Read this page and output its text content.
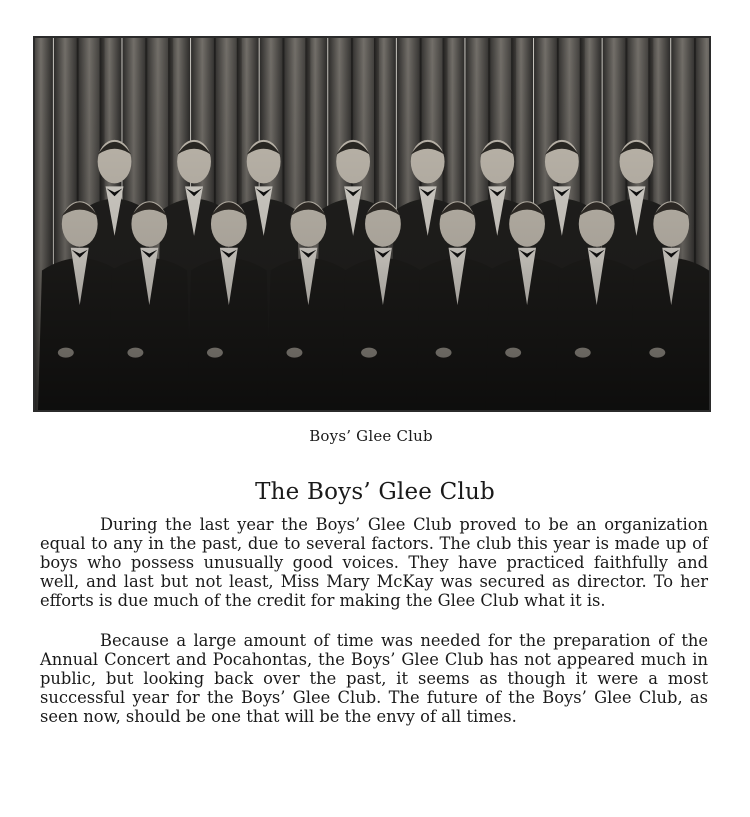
Boys’ Glee Club
The Boys’ Glee Club

During the last year the Boys’ Glee Club proved to be an organization equal to any in the past, due to several factors. The club this year is made up of boys who possess unusually good voices. They have practiced faithfully and well, and last but not least, Miss Mary McKay was secured as director. To her efforts is due much of the credit for making the Glee Club what it is.

Because a large amount of time was needed for the preparation of the Annual Concert and Pocahontas, the Boys’ Glee Club has not appeared much in public, but looking back over the past, it seems as though it were a most successful year for the Boys’ Glee Club. The future of the Boys’ Glee Club, as seen now, should be one that will be the envy of all times.
